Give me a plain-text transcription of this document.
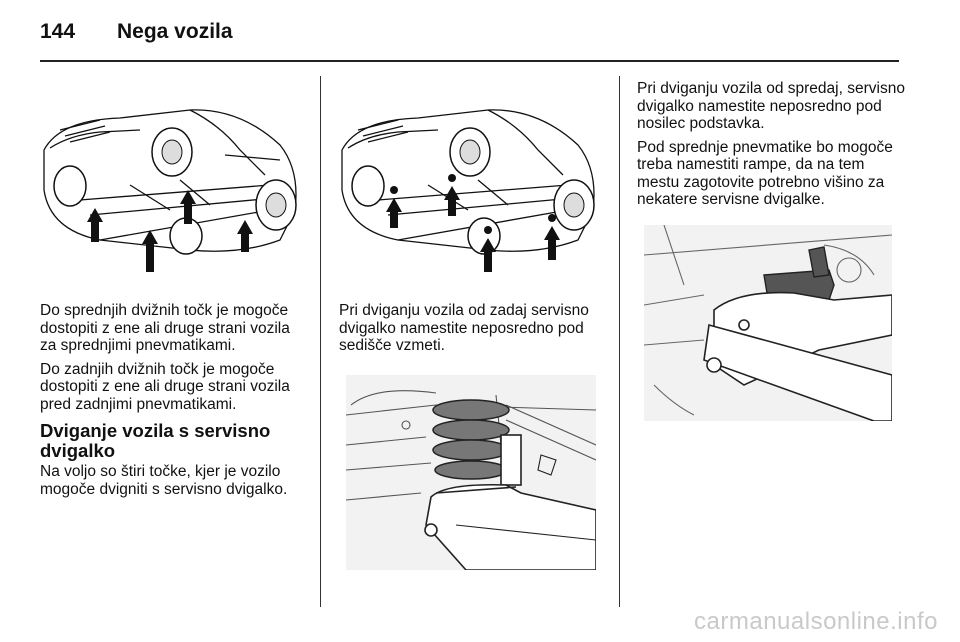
144 Nega vozila

Do sprednjih dvižnih točk je mogoče dostopiti z ene ali druge strani vozila za sprednjimi pnevmatikami.

Do zadnjih dvižnih točk je mogoče dostopiti z ene ali druge strani vozila pred zadnjimi pnevmatikami.

Dviganje vozila s servisno dvigalko

Na voljo so štiri točke, kjer je vozilo mogoče dvigniti s servisno dvigalko.

Pri dviganju vozila od zadaj servisno dvigalko namestite neposredno pod sedišče vzmeti.

Pri dviganju vozila od spredaj, servisno dvigalko namestite neposredno pod nosilec podstavka.

Pod sprednje pnevmatike bo mogoče treba namestiti rampe, da na tem mestu zagotovite potrebno višino za nekatere servisne dvigalke.

carmanualsonline.info
